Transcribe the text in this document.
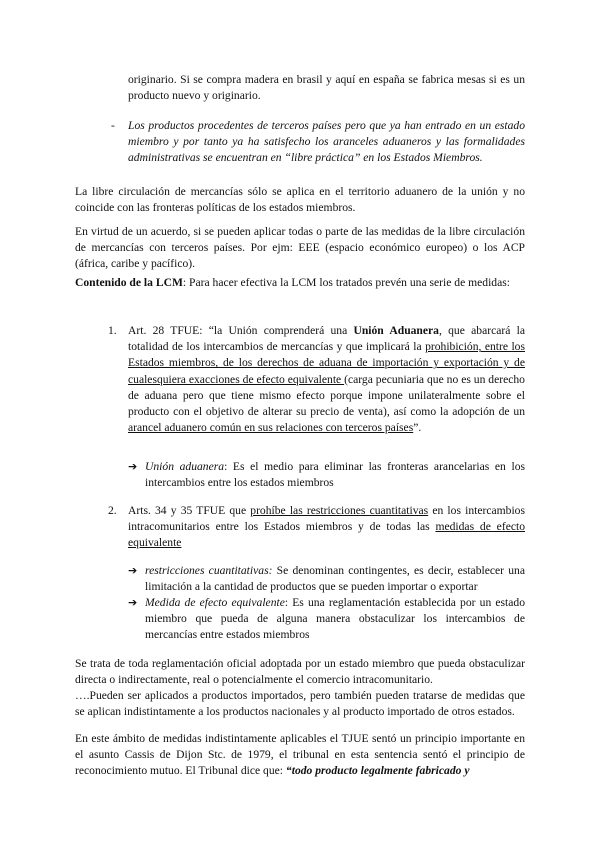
originario. Si se compra madera en brasil y aquí en españa se fabrica mesas si es un producto nuevo y originario.

- Los productos procedentes de terceros países pero que ya han entrado en un estado miembro y por tanto ya ha satisfecho los aranceles aduaneros y las formalidades administrativas se encuentran en “libre práctica” en los Estados Miembros.

La libre circulación de mercancías sólo se aplica en el territorio aduanero de la unión y no coincide con las fronteras políticas de los estados miembros.

En virtud de un acuerdo, si se pueden aplicar todas o parte de las medidas de la libre circulación de mercancías con terceros países. Por ejm: EEE (espacio económico europeo) o los ACP (áfrica, caribe y pacífico).

Contenido de la LCM: Para hacer efectiva la LCM los tratados prevén una serie de medidas:

1. Art. 28 TFUE: “la Unión comprenderá una Unión Aduanera, que abarcará la totalidad de los intercambios de mercancías y que implicará la prohibición, entre los Estados miembros, de los derechos de aduana de importación y exportación y de cualesquiera exacciones de efecto equivalente (carga pecuniaria que no es un derecho de aduana pero que tiene mismo efecto porque impone unilateralmente sobre el producto con el objetivo de alterar su precio de venta), así como la adopción de un arancel aduanero común en sus relaciones con terceros países”.

➔ Unión aduanera: Es el medio para eliminar las fronteras arancelarias en los intercambios entre los estados miembros

2. Arts. 34 y 35 TFUE que prohíbe las restricciones cuantitativas en los intercambios intracomunitarios entre los Estados miembros y de todas las medidas de efecto equivalente

➔ restricciones cuantitativas: Se denominan contingentes, es decir, establecer una limitación a la cantidad de productos que se pueden importar o exportar

➔ Medida de efecto equivalente: Es una reglamentación establecida por un estado miembro que pueda de alguna manera obstaculizar los intercambios de mercancías entre estados miembros

Se trata de toda reglamentación oficial adoptada por un estado miembro que pueda obstaculizar directa o indirectamente, real o potencialmente el comercio intracomunitario.

….Pueden ser aplicados a productos importados, pero también pueden tratarse de medidas que se aplican indistintamente a los productos nacionales y al producto importado de otros estados.

En este ámbito de medidas indistintamente aplicables el TJUE sentó un principio importante en el asunto Cassis de Dijon Stc. de 1979, el tribunal en esta sentencia sentó el principio de reconocimiento mutuo. El Tribunal dice que: “todo producto legalmente fabricado y
